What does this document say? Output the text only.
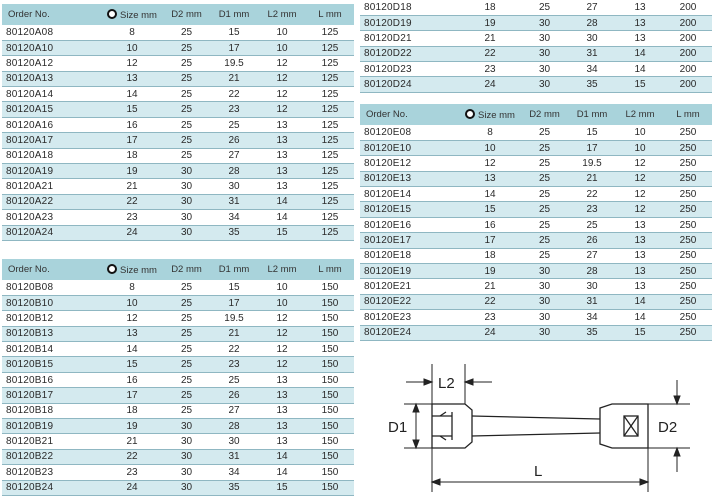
Order No.	Size mm	D2 mm	D1 mm	L2 mm	L mm
80120A08	8	25	15	10	125
80120A10	10	25	17	10	125
80120A12	12	25	19.5	12	125
80120A13	13	25	21	12	125
80120A14	14	25	22	12	125
80120A15	15	25	23	12	125
80120A16	16	25	25	13	125
80120A17	17	25	26	13	125
80120A18	18	25	27	13	125
80120A19	19	30	28	13	125
80120A21	21	30	30	13	125
80120A22	22	30	31	14	125
80120A23	23	30	34	14	125
80120A24	24	30	35	15	125
Order No.	Size mm	D2 mm	D1 mm	L2 mm	L mm
80120B08	8	25	15	10	150
80120B10	10	25	17	10	150
80120B12	12	25	19.5	12	150
80120B13	13	25	21	12	150
80120B14	14	25	22	12	150
80120B15	15	25	23	12	150
80120B16	16	25	25	13	150
80120B17	17	25	26	13	150
80120B18	18	25	27	13	150
80120B19	19	30	28	13	150
80120B21	21	30	30	13	150
80120B22	22	30	31	14	150
80120B23	23	30	34	14	150
80120B24	24	30	35	15	150
80120D18	18	25	27	13	200
80120D19	19	30	28	13	200
80120D21	21	30	30	13	200
80120D22	22	30	31	14	200
80120D23	23	30	34	14	200
80120D24	24	30	35	15	200
Order No.	Size mm	D2 mm	D1 mm	L2 mm	L mm
80120E08	8	25	15	10	250
80120E10	10	25	17	10	250
80120E12	12	25	19.5	12	250
80120E13	13	25	21	12	250
80120E14	14	25	22	12	250
80120E15	15	25	23	12	250
80120E16	16	25	25	13	250
80120E17	17	25	26	13	250
80120E18	18	25	27	13	250
80120E19	19	30	28	13	250
80120E21	21	30	30	13	250
80120E22	22	30	31	14	250
80120E23	23	30	34	14	250
80120E24	24	30	35	15	250
L2
D1	D2
L
